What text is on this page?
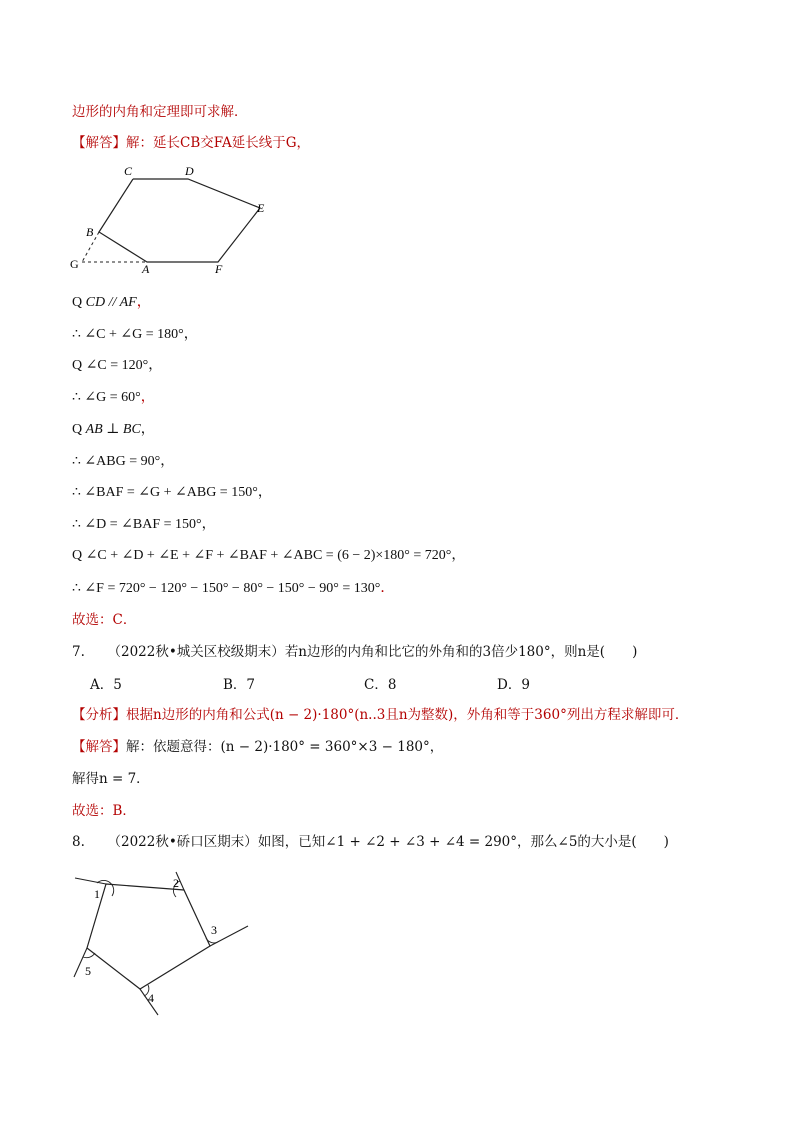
边形的内角和定理即可求解．
【解答】解：延长CB交FA延长线于G，
C	D
E
B
G	A	F
Q CD // AF，
∴ ∠C + ∠G = 180°，
Q ∠C = 120°，
∴ ∠G = 60°，
Q AB ⊥ BC，
∴ ∠ABG = 90°，
∴ ∠BAF = ∠G + ∠ABG = 150°，
∴ ∠D = ∠BAF = 150°，
Q ∠C + ∠D + ∠E + ∠F + ∠BAF + ∠ABC = (6 − 2)×180° = 720°，
∴ ∠F = 720° − 120° − 150° − 80° − 150° − 90° = 130°．
故选：C．
7. （2022秋•城关区校级期末）若n边形的内角和比它的外角和的3倍少180°，则n是(　　)
A．5	B．7	C．8	D．9
【分析】根据n边形的内角和公式(n − 2)·180°(n..3且n为整数)，外角和等于360°列出方程求解即可．
【解答】解：依题意得：(n − 2)·180° = 360°×3 − 180°，
解得n = 7．
故选：B．
8. （2022秋•硚口区期末）如图，已知∠1 + ∠2 + ∠3 + ∠4 = 290°，那么∠5的大小是(　　)
1
2
3
4
5
